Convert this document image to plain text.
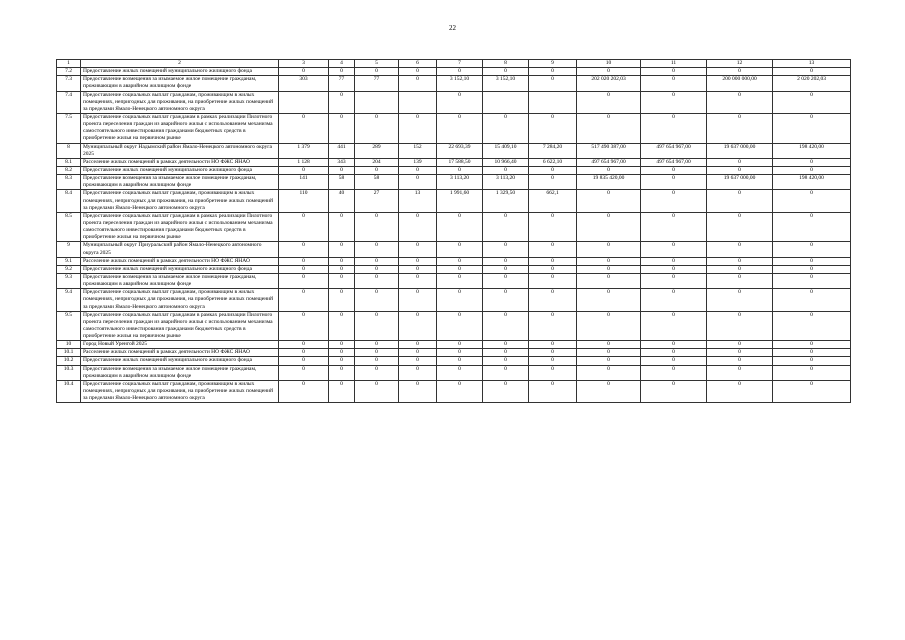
22
1	2	3	4	5	6	7	8	9	10	11	12	13
7.2	Предоставление жилых помещений муниципального жилищного фонда	0	0	0	0	0	0	0	0	0	0	0
7.3	Предоставление возмещения за изымаемое жилое помещение гражданам, проживающим в аварийном жилищном фонде	303	77	77	0	3 152,10	3 152,10	0	202 020 202,03	0	200 000 000,00	2 020 202,03
7.4	Предоставление социальных выплат гражданам, проживающим в жилых помещениях, непригодных для проживания, на приобретение жилых помещений за пределами Ямало-Ненецкого автономного округа		0			0			0	0	0	0
7.5	Предоставление социальных выплат гражданам в рамках реализации Пилотного проекта переселения граждан из аварийного жилья с использованием механизма самостоятельного инвестирования гражданами бюджетных средств в приобретение жилья на первичном рынке	0	0	0	0	0	0	0	0	0	0	0
8	Муниципальный округ Надымский район Ямало-Ненецкого автономного округа 2025	1 379	441	289	152	22 693,39	15 409,10	7 284,20	517 490 387,00	497 654 967,00	19 637 000,00	198 420,00
8.1	Расселение жилых помещений в рамках деятельности НО ФЖС ЯНАО	1 128	343	204	139	17 588,50	10 966,40	6 622,10	497 654 967,00	497 654 967,00	0	0
8.2	Предоставление жилых помещений муниципального жилищного фонда	0	0	0	0	0	0	0	0	0	0	0
8.3	Предоставление возмещения за изымаемое жилое помещение гражданам, проживающим в аварийном жилищном фонде	141	58	58	0	3 113,20	3 113,20	0	19 835 420,00	0	19 637 000,00	198 420,00
8.4	Предоставление социальных выплат гражданам, проживающим в жилых помещениях, непригодных для проживания, на приобретение жилых помещений за пределами Ямало-Ненецкого автономного округа	110	40	27	13	1 991,60	1 329,50	662,1	0	0	0	0
8.5	Предоставление социальных выплат гражданам в рамках реализации Пилотного проекта переселения граждан из аварийного жилья с использованием механизма самостоятельного инвестирования гражданами бюджетных средств в приобретение жилья на первичном рынке	0	0	0	0	0	0	0	0	0	0	0
9	Муниципальный округ Приуральский район Ямало-Ненецкого автономного округа 2025	0	0	0	0	0	0	0	0	0	0	0
9.1	Расселение жилых помещений в рамках деятельности НО ФЖС ЯНАО	0	0	0	0	0	0	0	0	0	0	0
9.2	Предоставление жилых помещений муниципального жилищного фонда	0	0	0	0	0	0	0	0	0	0	0
9.3	Предоставление возмещения за изымаемое жилое помещение гражданам, проживающим в аварийном жилищном фонде	0	0	0	0	0	0	0	0	0	0	0
9.4	Предоставление социальных выплат гражданам, проживающим в жилых помещениях, непригодных для проживания, на приобретение жилых помещений за пределами Ямало-Ненецкого автономного округа	0	0	0	0	0	0	0	0	0	0	0
9.5	Предоставление социальных выплат гражданам в рамках реализации Пилотного проекта переселения граждан из аварийного жилья с использованием механизма самостоятельного инвестирования гражданами бюджетных средств в приобретение жилья на первичном рынке	0	0	0	0	0	0	0	0	0	0	0
10	Город Новый Уренгой 2025	0	0	0	0	0	0	0	0	0	0	0
10.1	Расселение жилых помещений в рамках деятельности НО ФЖС ЯНАО	0	0	0	0	0	0	0	0	0	0	0
10.2	Предоставление жилых помещений муниципального жилищного фонда	0	0	0	0	0	0	0	0	0	0	0
10.3	Предоставление возмещения за изымаемое жилое помещение гражданам, проживающим в аварийном жилищном фонде	0	0	0	0	0	0	0	0	0	0	0
10.4	Предоставление социальных выплат гражданам, проживающим в жилых помещениях, непригодных для проживания, на приобретение жилых помещений за пределами Ямало-Ненецкого автономного округа	0	0	0	0	0	0	0	0	0	0	0
